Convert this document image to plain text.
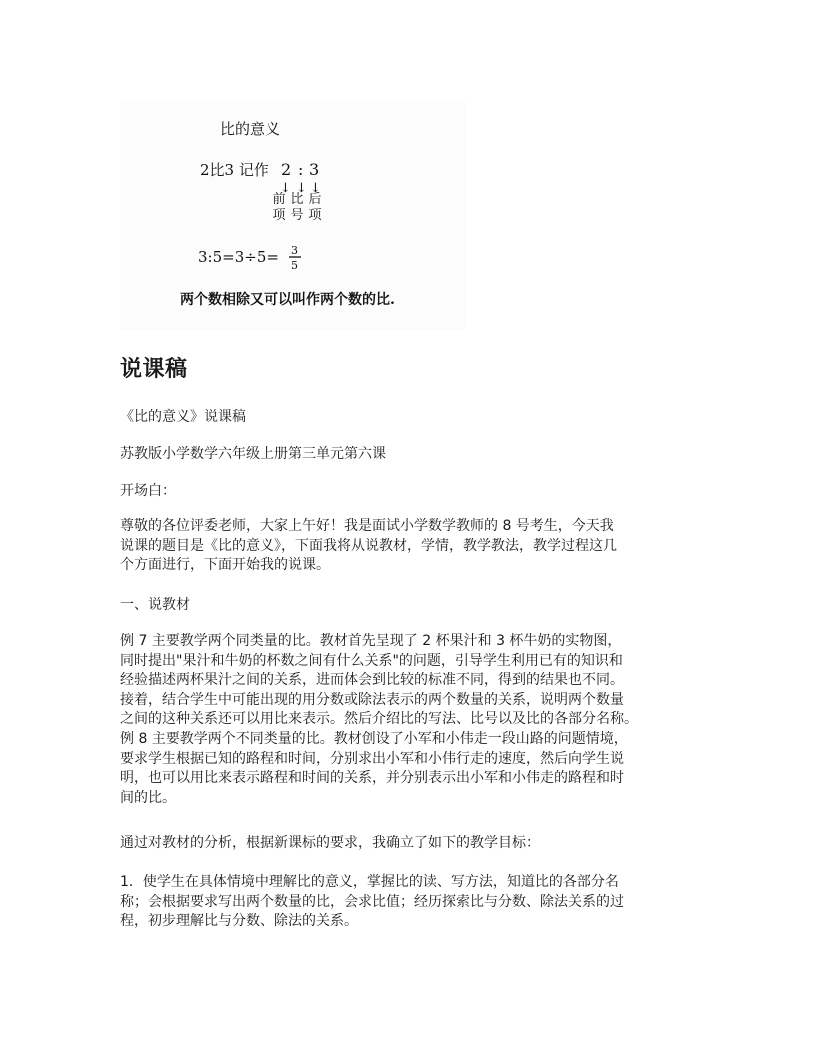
比的意义
2比3 记作 2 : 3
↓ ↓ ↓
前
项
比
号
后
项
3:5=3÷5= 3
5
两个数相除又可以叫作两个数的比.
说课稿

《比的意义》说课稿

苏教版小学数学六年级上册第三单元第六课

开场白：

尊敬的各位评委老师，大家上午好！我是面试小学数学教师的 8 号考生，今天我
说课的题目是《比的意义》，下面我将从说教材，学情，教学教法，教学过程这几
个方面进行，下面开始我的说课。

一、说教材

例 7 主要教学两个同类量的比。教材首先呈现了 2 杯果汁和 3 杯牛奶的实物图，
同时提出"果汁和牛奶的杯数之间有什么关系"的问题，引导学生利用已有的知识和
经验描述两杯果汁之间的关系，进而体会到比较的标准不同，得到的结果也不同。
接着，结合学生中可能出现的用分数或除法表示的两个数量的关系，说明两个数量
之间的这种关系还可以用比来表示。然后介绍比的写法、比号以及比的各部分名称。
例 8 主要教学两个不同类量的比。教材创设了小军和小伟走一段山路的问题情境，
要求学生根据已知的路程和时间，分别求出小军和小伟行走的速度，然后向学生说
明，也可以用比来表示路程和时间的关系，并分别表示出小军和小伟走的路程和时
间的比。

通过对教材的分析，根据新课标的要求，我确立了如下的教学目标：

1．使学生在具体情境中理解比的意义，掌握比的读、写方法，知道比的各部分名
称；会根据要求写出两个数量的比，会求比值；经历探索比与分数、除法关系的过
程，初步理解比与分数、除法的关系。
